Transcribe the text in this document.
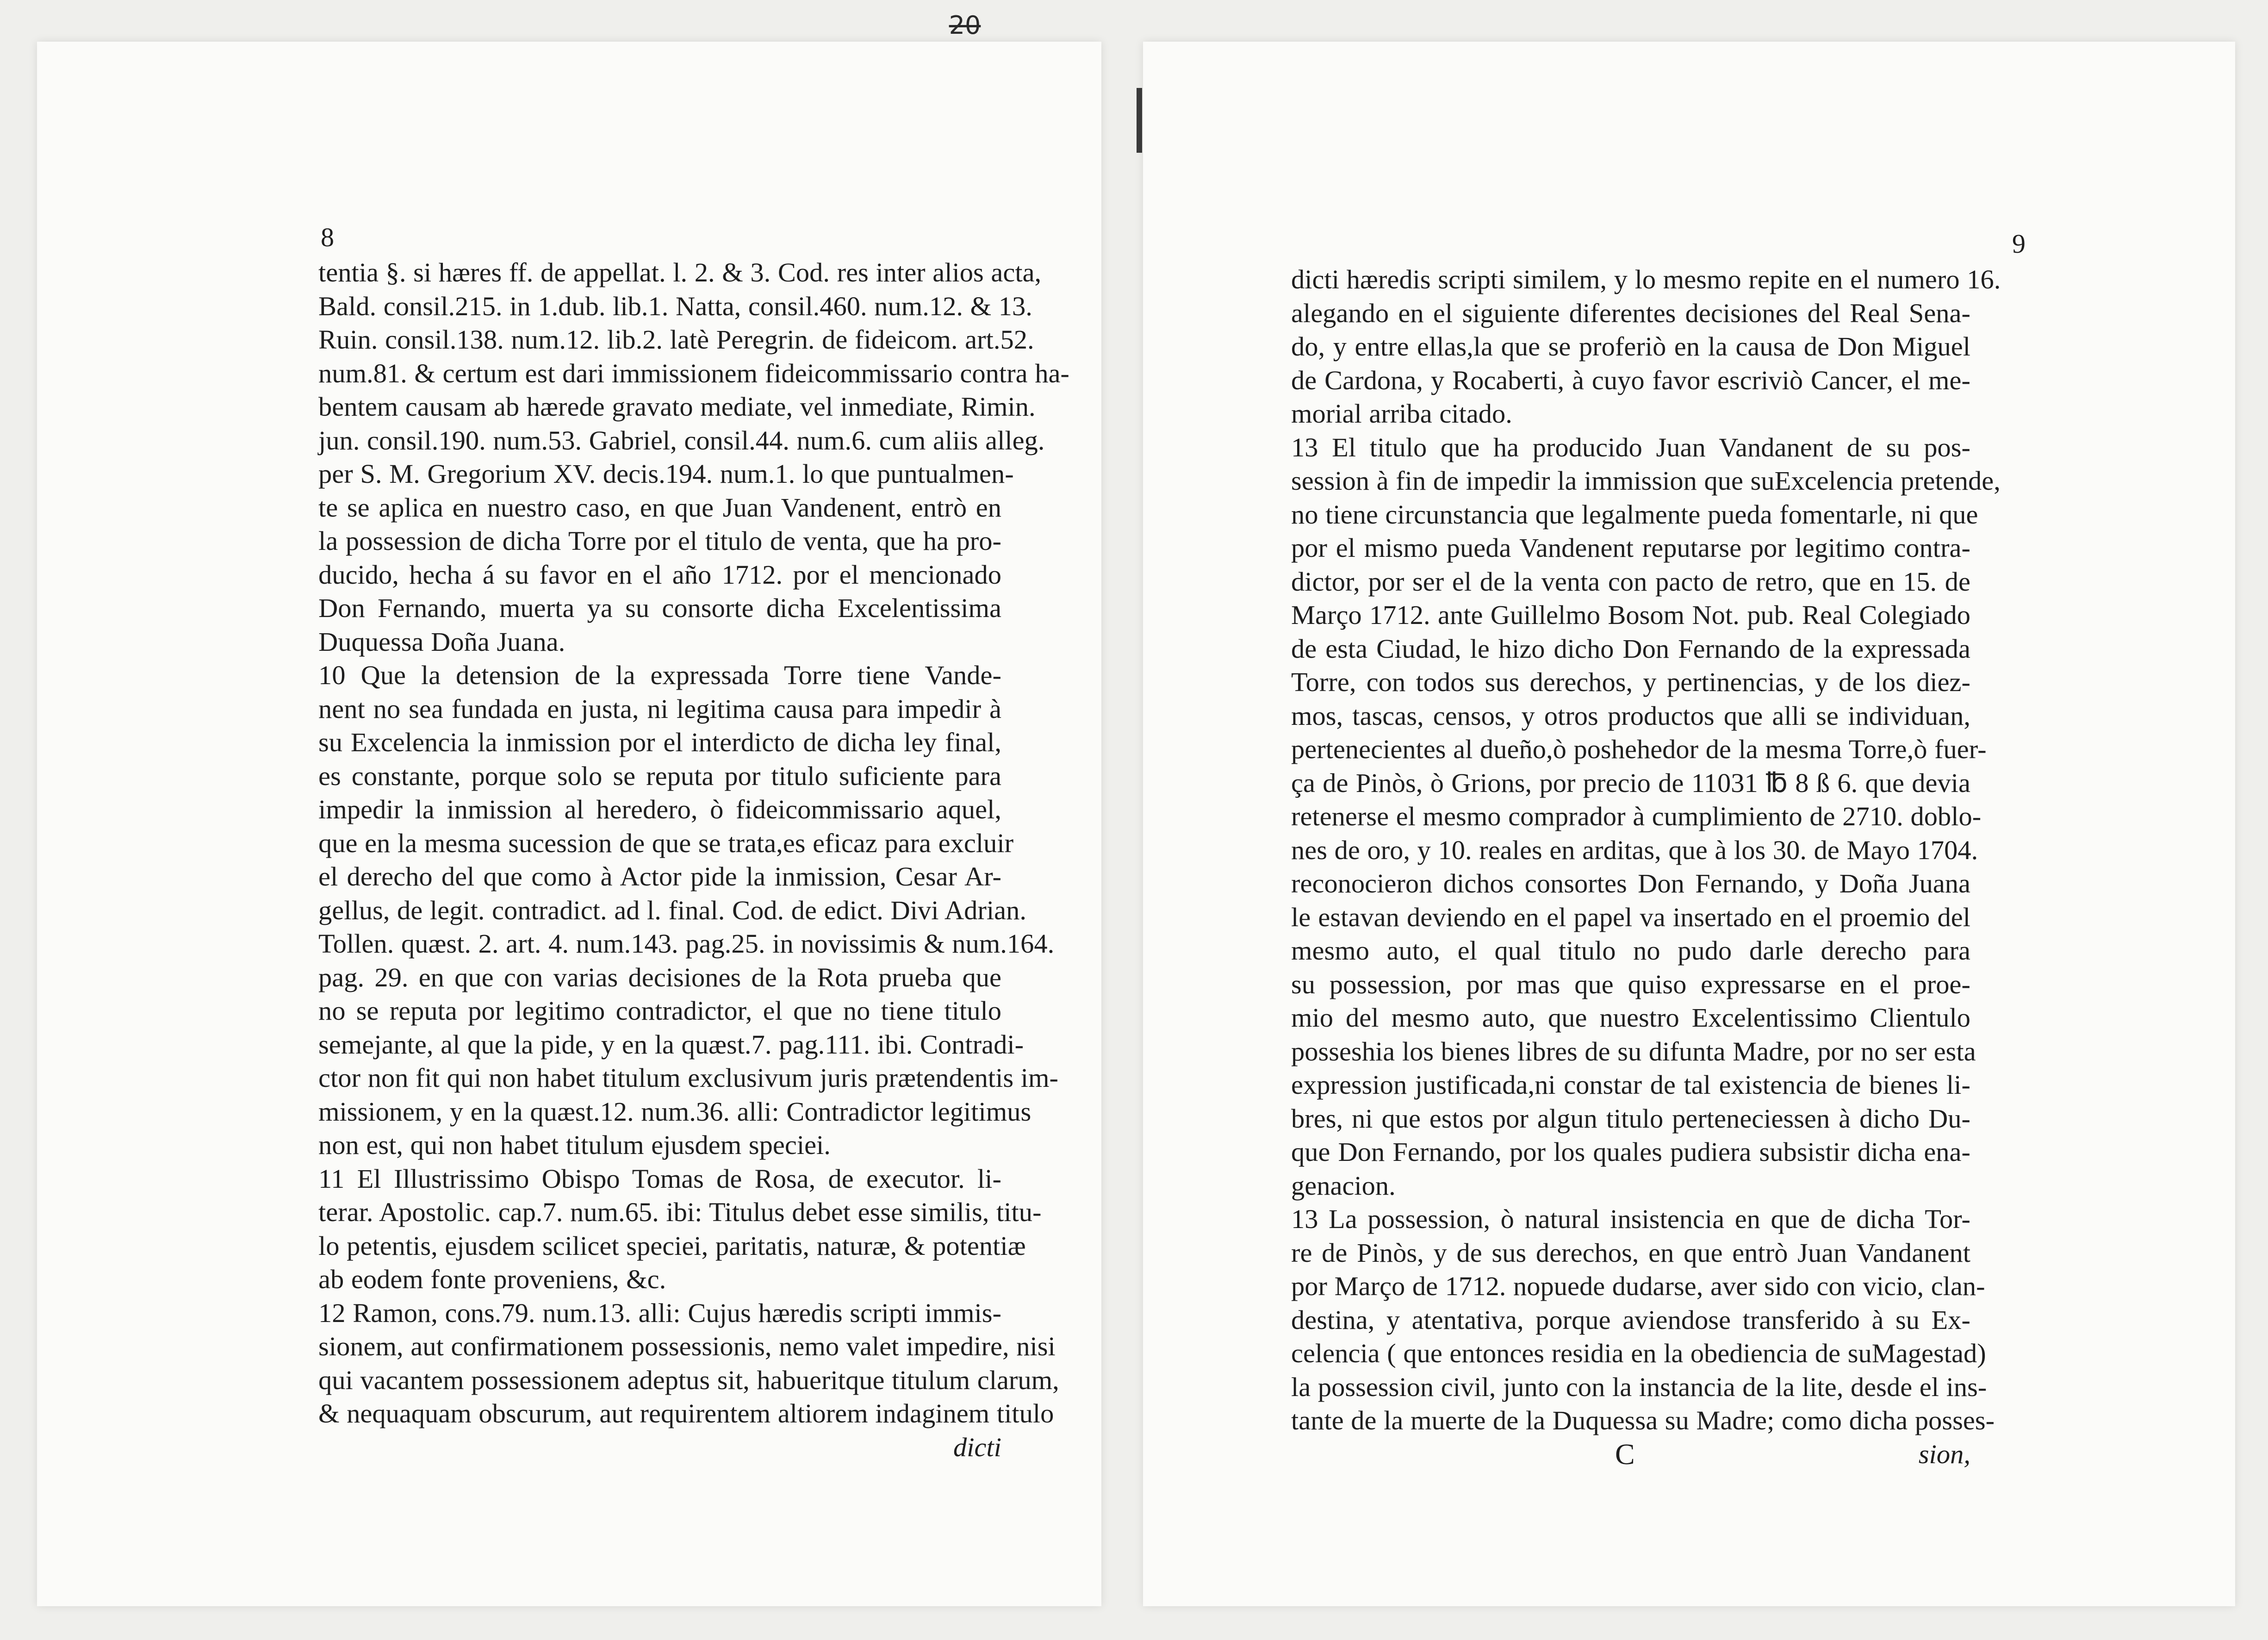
20
8
tentia §. si hæres ff. de appellat. l. 2. & 3. Cod. res inter alios acta,
Bald. consil.215. in 1.dub. lib.1. Natta, consil.460. num.12. & 13.
Ruin. consil.138. num.12. lib.2. latè Peregrin. de fideicom. art.52.
num.81. & certum est dari immissionem fideicommissario contra ha-
bentem causam ab hærede gravato mediate, vel inmediate, Rimin.
jun. consil.190. num.53. Gabriel, consil.44. num.6. cum aliis alleg.
per S. M. Gregorium XV. decis.194. num.1. lo que puntualmen-
te se aplica en nuestro caso, en que Juan Vandenent, entrò en
la possession de dicha Torre por el titulo de venta, que ha pro-
ducido, hecha á su favor en el año 1712. por el mencionado
Don Fernando, muerta ya su consorte dicha Excelentissima
Duquessa Doña Juana.
10 Que la detension de la expressada Torre tiene Vande-
nent no sea fundada en justa, ni legitima causa para impedir à
su Excelencia la inmission por el interdicto de dicha ley final,
es constante, porque solo se reputa por titulo suficiente para
impedir la inmission al heredero, ò fideicommissario aquel,
que en la mesma sucession de que se trata,es eficaz para excluir
el derecho del que como à Actor pide la inmission, Cesar Ar-
gellus, de legit. contradict. ad l. final. Cod. de edict. Divi Adrian.
Tollen. quæst. 2. art. 4. num.143. pag.25. in novissimis & num.164.
pag. 29. en que con varias decisiones de la Rota prueba que
no se reputa por legitimo contradictor, el que no tiene titulo
semejante, al que la pide, y en la quæst.7. pag.111. ibi. Contradi-
ctor non fit qui non habet titulum exclusivum juris prætendentis im-
missionem, y en la quæst.12. num.36. alli: Contradictor legitimus
non est, qui non habet titulum ejusdem speciei.
11 El Illustrissimo Obispo Tomas de Rosa, de executor. li-
terar. Apostolic. cap.7. num.65. ibi: Titulus debet esse similis, titu-
lo petentis, ejusdem scilicet speciei, paritatis, naturæ, & potentiæ
ab eodem fonte proveniens, &c.
12 Ramon, cons.79. num.13. alli: Cujus hæredis scripti immis-
sionem, aut confirmationem possessionis, nemo valet impedire, nisi
qui vacantem possessionem adeptus sit, habueritque titulum clarum,
& nequaquam obscurum, aut requirentem altiorem indaginem titulo
dicti
9
dicti hæredis scripti similem, y lo mesmo repite en el numero 16.
alegando en el siguiente diferentes decisiones del Real Sena-
do, y entre ellas,la que se proferiò en la causa de Don Miguel
de Cardona, y Rocaberti, à cuyo favor escriviò Cancer, el me-
morial arriba citado.
13 El titulo que ha producido Juan Vandanent de su pos-
session à fin de impedir la immission que suExcelencia pretende,
no tiene circunstancia que legalmente pueda fomentarle, ni que
por el mismo pueda Vandenent reputarse por legitimo contra-
dictor, por ser el de la venta con pacto de retro, que en 15. de
Março 1712. ante Guillelmo Bosom Not. pub. Real Colegiado
de esta Ciudad, le hizo dicho Don Fernando de la expressada
Torre, con todos sus derechos, y pertinencias, y de los diez-
mos, tascas, censos, y otros productos que alli se individuan,
pertenecientes al dueño,ò poshehedor de la mesma Torre,ò fuer-
ça de Pinòs, ò Grions, por precio de 11031 ℔ 8 ß 6. que devia
retenerse el mesmo comprador à cumplimiento de 2710. doblo-
nes de oro, y 10. reales en arditas, que à los 30. de Mayo 1704.
reconocieron dichos consortes Don Fernando, y Doña Juana
le estavan deviendo en el papel va insertado en el proemio del
mesmo auto, el qual titulo no pudo darle derecho para
su possession, por mas que quiso expressarse en el proe-
mio del mesmo auto, que nuestro Excelentissimo Clientulo
posseshia los bienes libres de su difunta Madre, por no ser esta
expression justificada,ni constar de tal existencia de bienes li-
bres, ni que estos por algun titulo perteneciessen à dicho Du-
que Don Fernando, por los quales pudiera subsistir dicha ena-
genacion.
13 La possession, ò natural insistencia en que de dicha Tor-
re de Pinòs, y de sus derechos, en que entrò Juan Vandanent
por Março de 1712. nopuede dudarse, aver sido con vicio, clan-
destina, y atentativa, porque aviendose transferido à su Ex-
celencia ( que entonces residia en la obediencia de suMagestad)
la possession civil, junto con la instancia de la lite, desde el ins-
tante de la muerte de la Duquessa su Madre; como dicha posses-
sion,
C
